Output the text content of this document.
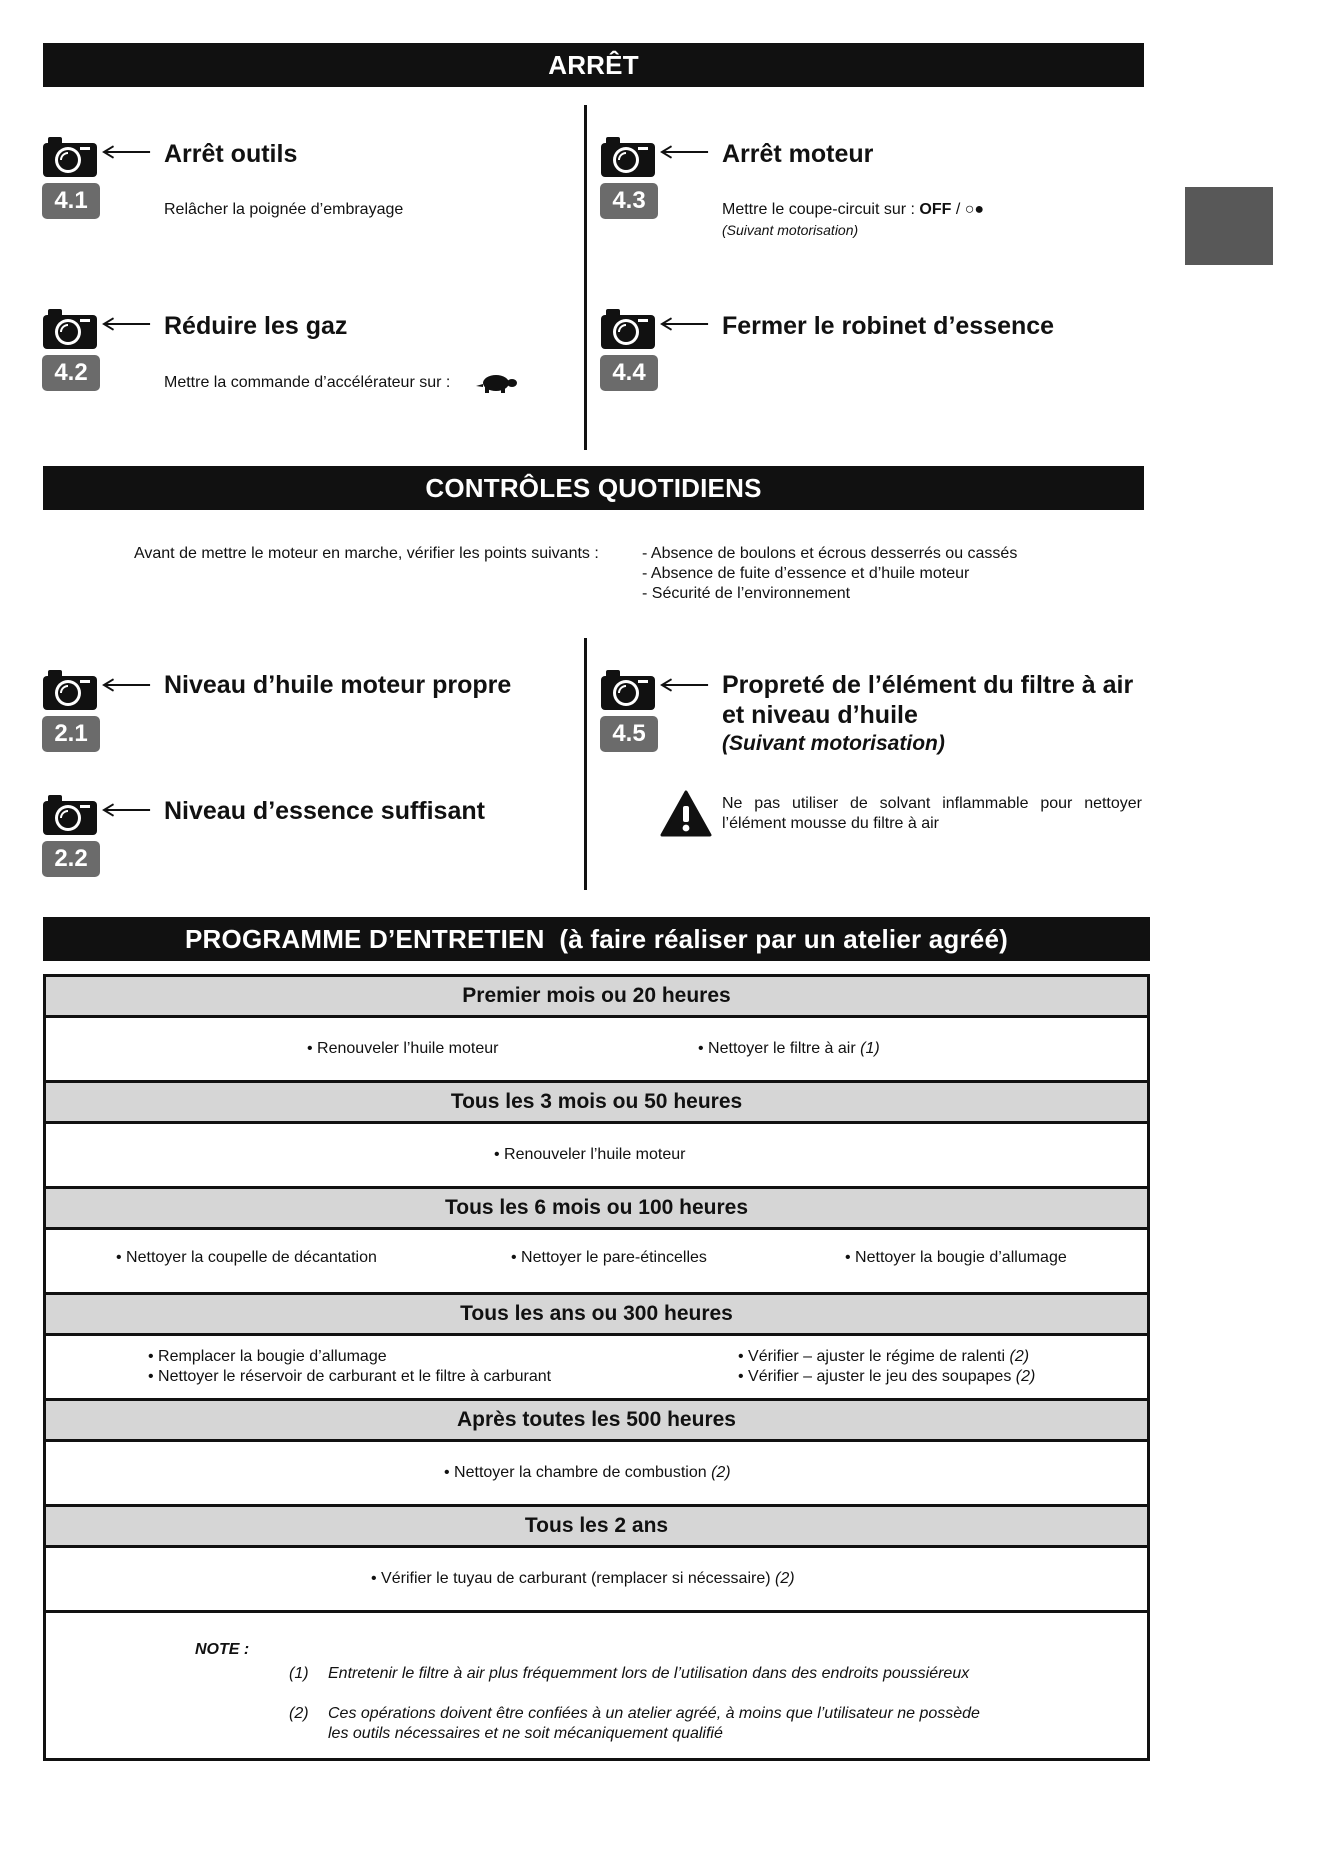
ARRÊT
4.1
Arrêt outils
Relâcher la poignée d’embrayage
4.2
Réduire les gaz
Mettre la commande d’accélérateur sur :
4.3
Arrêt moteur
Mettre le coupe-circuit sur : OFF / ○●
(Suivant motorisation)
4.4
Fermer le robinet d’essence
CONTRÔLES QUOTIDIENS
Avant de mettre le moteur en marche, vérifier les points suivants :	- Absence de boulons et écrous desserrés ou cassés
- Absence de fuite d’essence et d’huile moteur
- Sécurité de l’environnement
2.1
Niveau d’huile moteur propre
2.2
Niveau d’essence suffisant
4.5
Propreté de l’élément du filtre à air
et niveau d’huile
(Suivant motorisation)
Ne pas utiliser de solvant inflammable pour nettoyer l’élément mousse du filtre à air
PROGRAMME D’ENTRETIEN  (à faire réaliser par un atelier agréé)
Premier mois ou 20 heures

• Renouveler l’huile moteur	• Nettoyer le filtre à air (1)

Tous les 3 mois ou 50 heures

• Renouveler l’huile moteur

Tous les 6 mois ou 100 heures

• Nettoyer la coupelle de décantation	• Nettoyer le pare-étincelles	• Nettoyer la bougie d’allumage

Tous les ans ou 300 heures

• Remplacer la bougie d’allumage
• Nettoyer le réservoir de carburant et le filtre à carburant
• Vérifier – ajuster le régime de ralenti (2)
• Vérifier – ajuster le jeu des soupapes (2)

Après toutes les 500 heures

• Nettoyer la chambre de combustion (2)

Tous les 2 ans

• Vérifier le tuyau de carburant (remplacer si nécessaire) (2)

NOTE :
(1) Entretenir le filtre à air plus fréquemment lors de l’utilisation dans des endroits poussiéreux
(2) Ces opérations doivent être confiées à un atelier agréé, à moins que l’utilisateur ne possède
les outils nécessaires et ne soit mécaniquement qualifié
